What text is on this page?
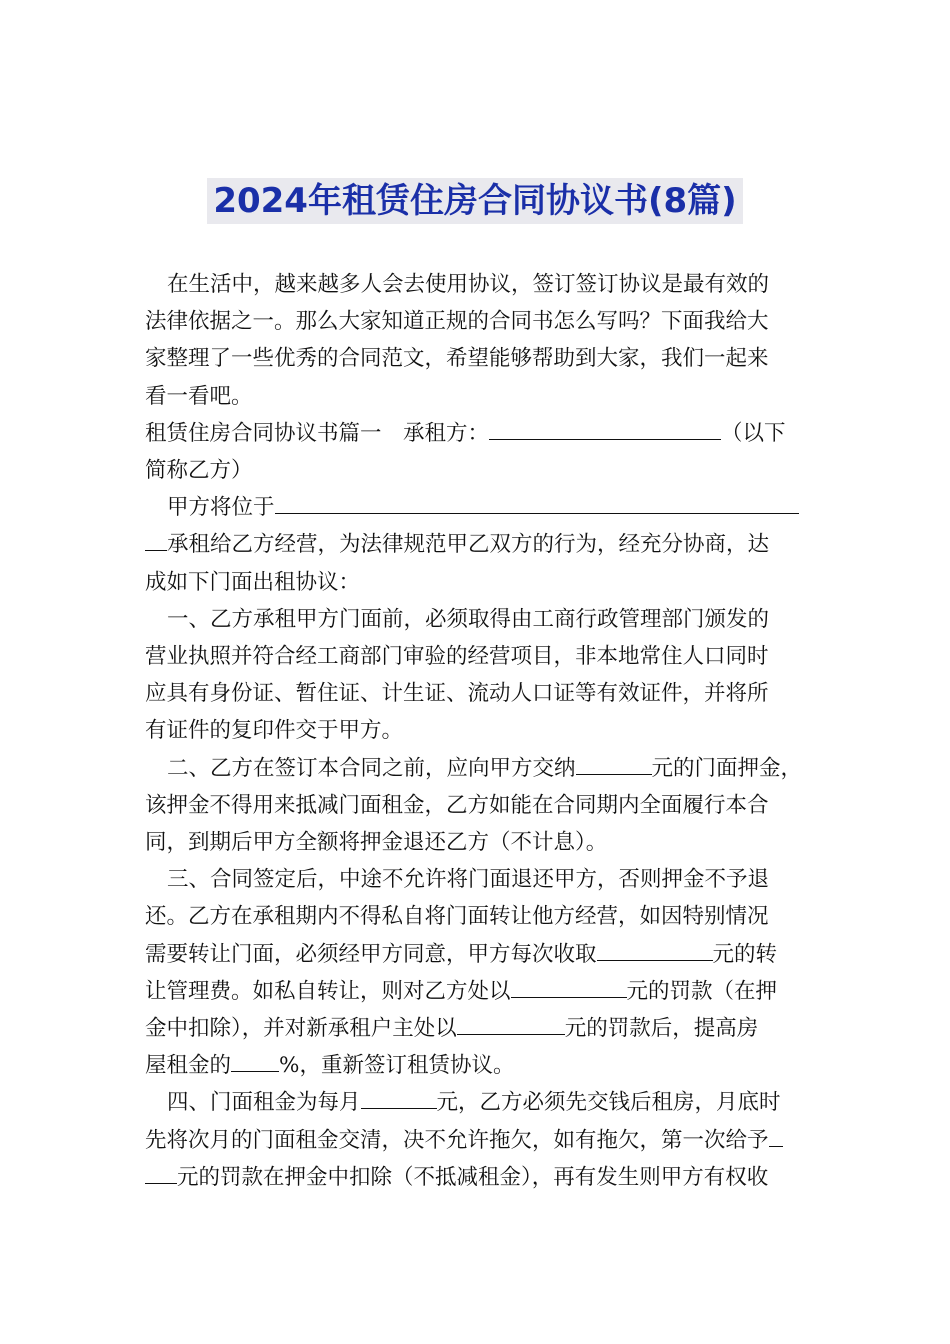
2024年租赁住房合同协议书(8篇)

在生活中，越来越多人会去使用协议，签订签订协议是最有效的
法律依据之一。那么大家知道正规的合同书怎么写吗？下面我给大
家整理了一些优秀的合同范文，希望能够帮助到大家，我们一起来
看一看吧。

租赁住房合同协议书篇一　承租方：	（以下
简称乙方）

甲方将位于
承租给乙方经营，为法律规范甲乙双方的行为，经充分协商，达
成如下门面出租协议：

一、乙方承租甲方门面前，必须取得由工商行政管理部门颁发的
营业执照并符合经工商部门审验的经营项目，非本地常住人口同时
应具有身份证、暂住证、计生证、流动人口证等有效证件，并将所
有证件的复印件交于甲方。

二、乙方在签订本合同之前，应向甲方交纳	元的门面押金，
该押金不得用来抵减门面租金，乙方如能在合同期内全面履行本合
同，到期后甲方全额将押金退还乙方（不计息）。

三、合同签定后，中途不允许将门面退还甲方，否则押金不予退
还。乙方在承租期内不得私自将门面转让他方经营，如因特别情况
需要转让门面，必须经甲方同意，甲方每次收取	元的转
让管理费。如私自转让，则对乙方处以	元的罚款（在押
金中扣除），并对新承租户主处以	元的罚款后，提高房
屋租金的 %，重新签订租赁协议。

四、门面租金为每月	元，乙方必须先交钱后租房，月底时
先将次月的门面租金交清，决不允许拖欠，如有拖欠，第一次给予
元的罚款在押金中扣除（不抵减租金），再有发生则甲方有权收
